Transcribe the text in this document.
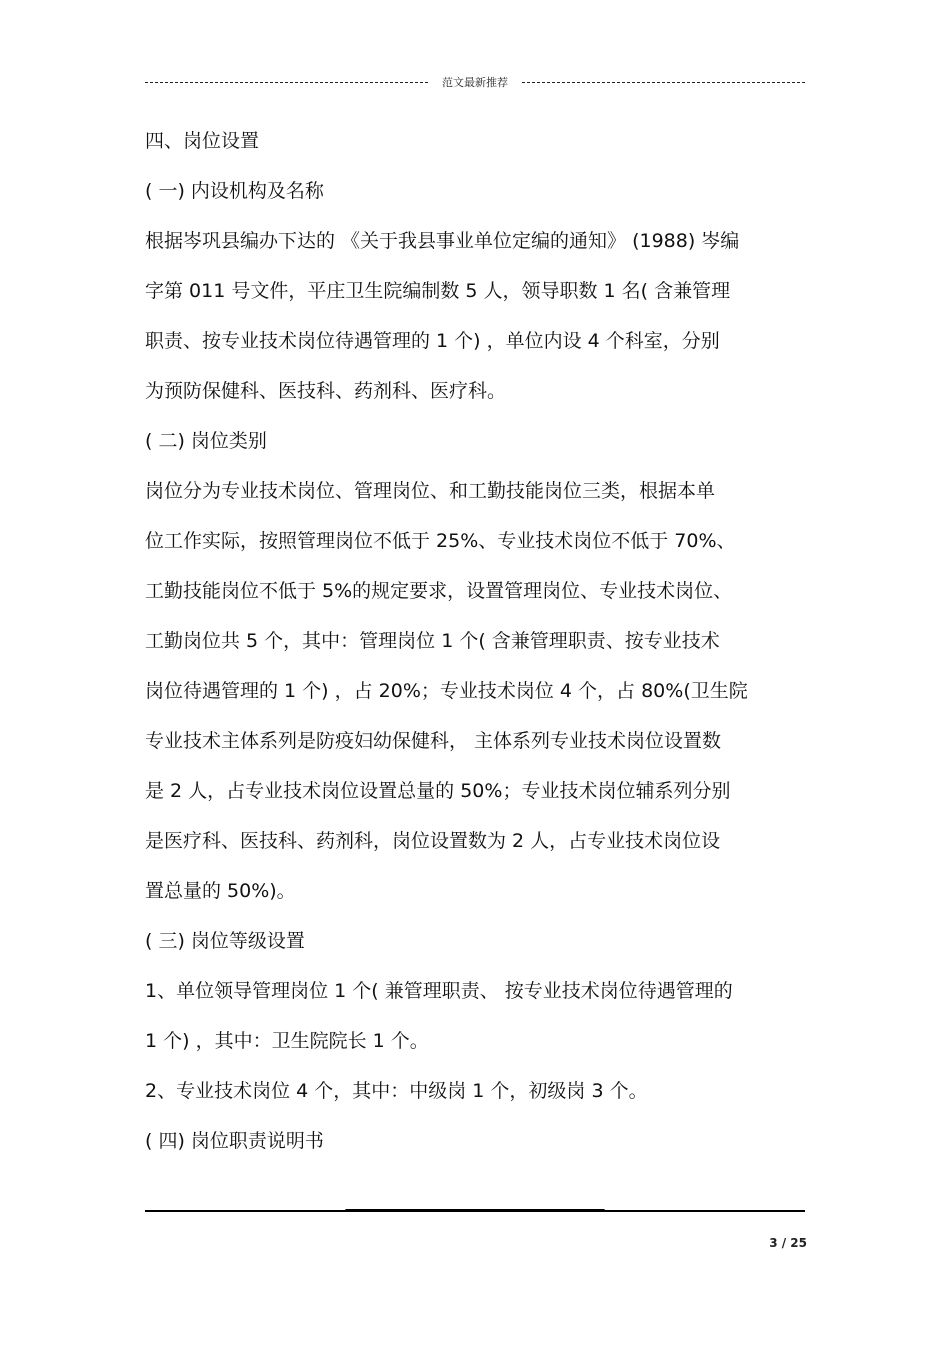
范文最新推荐
四、岗位设置
( 一) 内设机构及名称
根据岑巩县编办下达的 《关于我县事业单位定编的通知》 (1988) 岑编
字第 011 号文件，平庄卫生院编制数 5 人，领导职数 1 名( 含兼管理
职责、按专业技术岗位待遇管理的 1 个) ，单位内设 4 个科室，分别
为预防保健科、医技科、药剂科、医疗科。
( 二) 岗位类别
岗位分为专业技术岗位、管理岗位、和工勤技能岗位三类，根据本单
位工作实际，按照管理岗位不低于 25%、专业技术岗位不低于 70%、
工勤技能岗位不低于 5%的规定要求，设置管理岗位、专业技术岗位、
工勤岗位共 5 个，其中：管理岗位 1 个( 含兼管理职责、按专业技术
岗位待遇管理的 1 个) ，占 20%；专业技术岗位 4 个，占 80%(卫生院
专业技术主体系列是防疫妇幼保健科， 主体系列专业技术岗位设置数
是 2 人，占专业技术岗位设置总量的 50%；专业技术岗位辅系列分别
是医疗科、医技科、药剂科，岗位设置数为 2 人，占专业技术岗位设
置总量的 50%)。
( 三) 岗位等级设置
1、单位领导管理岗位 1 个( 兼管理职责、 按专业技术岗位待遇管理的
1 个) ，其中：卫生院院长 1 个。
2、专业技术岗位 4 个，其中：中级岗 1 个，初级岗 3 个。
( 四) 岗位职责说明书
3 / 25
